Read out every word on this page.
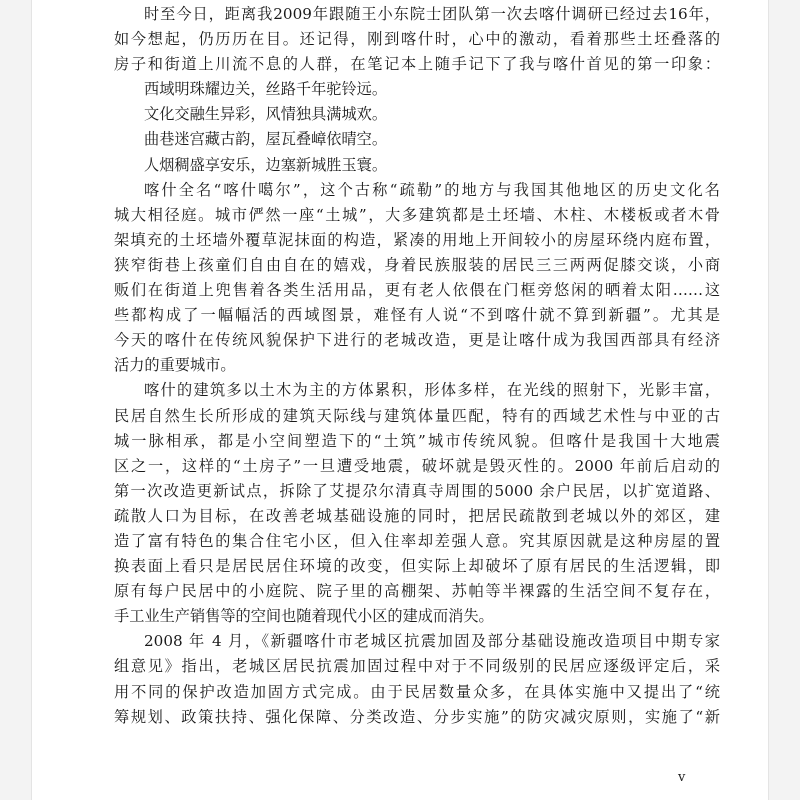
时至今日，距离我2009年跟随王小东院士团队第一次去喀什调研已经过去16年，
如今想起，仍历历在目。还记得，刚到喀什时，心中的激动，看着那些土坯叠落的
房子和街道上川流不息的人群，在笔记本上随手记下了我与喀什首见的第一印象：
西域明珠耀边关，丝路千年驼铃远。
文化交融生异彩，风情独具满城欢。
曲巷迷宫藏古韵，屋瓦叠嶂依晴空。
人烟稠盛享安乐，边塞新城胜玉寰。
喀什全名“喀什噶尔”，这个古称“疏勒”的地方与我国其他地区的历史文化名
城大相径庭。城市俨然一座“土城”，大多建筑都是土坯墙、木柱、木楼板或者木骨
架填充的土坯墙外覆草泥抹面的构造，紧凑的用地上开间较小的房屋环绕内庭布置，
狭窄街巷上孩童们自由自在的嬉戏，身着民族服装的居民三三两两促膝交谈，小商
贩们在街道上兜售着各类生活用品，更有老人依偎在门框旁悠闲的晒着太阳……这
些都构成了一幅幅活的西域图景，难怪有人说“不到喀什就不算到新疆”。尤其是
今天的喀什在传统风貌保护下进行的老城改造，更是让喀什成为我国西部具有经济
活力的重要城市。
喀什的建筑多以土木为主的方体累积，形体多样，在光线的照射下，光影丰富，
民居自然生长所形成的建筑天际线与建筑体量匹配，特有的西域艺术性与中亚的古
城一脉相承，都是小空间塑造下的“土筑”城市传统风貌。但喀什是我国十大地震
区之一，这样的“土房子”一旦遭受地震，破坏就是毁灭性的。2000 年前后启动的
第一次改造更新试点，拆除了艾提尕尔清真寺周围的5000 余户民居，以扩宽道路、
疏散人口为目标，在改善老城基础设施的同时，把居民疏散到老城以外的郊区，建
造了富有特色的集合住宅小区，但入住率却差强人意。究其原因就是这种房屋的置
换表面上看只是居民居住环境的改变，但实际上却破坏了原有居民的生活逻辑，即
原有每户民居中的小庭院、院子里的高棚架、苏帕等半裸露的生活空间不复存在，
手工业生产销售等的空间也随着现代小区的建成而消失。
2008 年 4 月，《新疆喀什市老城区抗震加固及部分基础设施改造项目中期专家
组意见》指出，老城区居民抗震加固过程中对于不同级别的民居应逐级评定后，采
用不同的保护改造加固方式完成。由于民居数量众多，在具体实施中又提出了“统
筹规划、政策扶持、强化保障、分类改造、分步实施”的防灾减灾原则，实施了“新
v
